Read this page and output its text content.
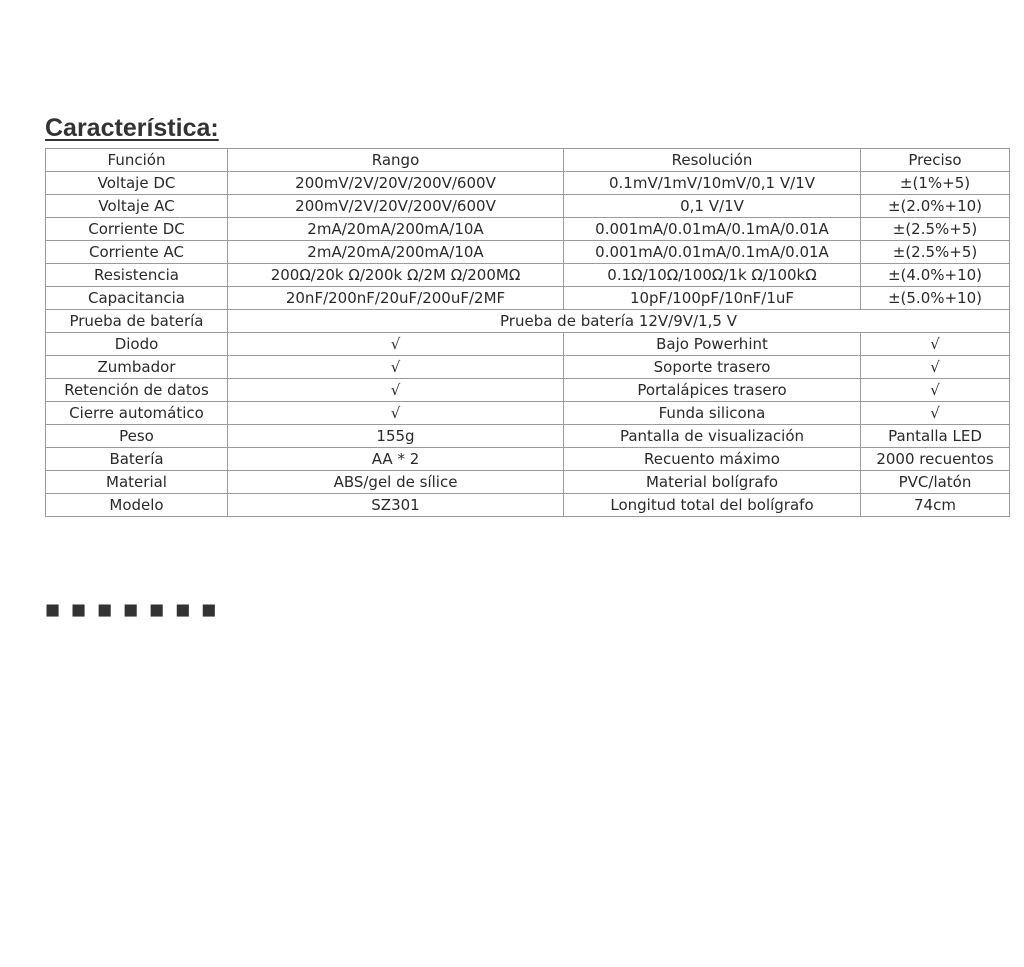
Característica:
Función	Rango	Resolución	Preciso
Voltaje DC	200mV/2V/20V/200V/600V	0.1mV/1mV/10mV/0,1 V/1V	±(1%+5)
Voltaje AC	200mV/2V/20V/200V/600V	0,1 V/1V	±(2.0%+10)
Corriente DC	2mA/20mA/200mA/10A	0.001mA/0.01mA/0.1mA/0.01A	±(2.5%+5)
Corriente AC	2mA/20mA/200mA/10A	0.001mA/0.01mA/0.1mA/0.01A	±(2.5%+5)
Resistencia	200Ω/20k Ω/200k Ω/2M Ω/200MΩ	0.1Ω/10Ω/100Ω/1k Ω/100kΩ	±(4.0%+10)
Capacitancia	20nF/200nF/20uF/200uF/2MF	10pF/100pF/10nF/1uF	±(5.0%+10)
Prueba de batería	Prueba de batería 12V/9V/1,5 V		
Diodo	√	Bajo Powerhint	√
Zumbador	√	Soporte trasero	√
Retención de datos	√	Portalápices trasero	√
Cierre automático	√	Funda silicona	√
Peso	155g	Pantalla de visualización	Pantalla LED
Batería	AA * 2	Recuento máximo	2000 recuentos
Material	ABS/gel de sílice	Material bolígrafo	PVC/latón
Modelo	SZ301	Longitud total del bolígrafo	74cm
■ ■ ■ ■ ■ ■ ■
